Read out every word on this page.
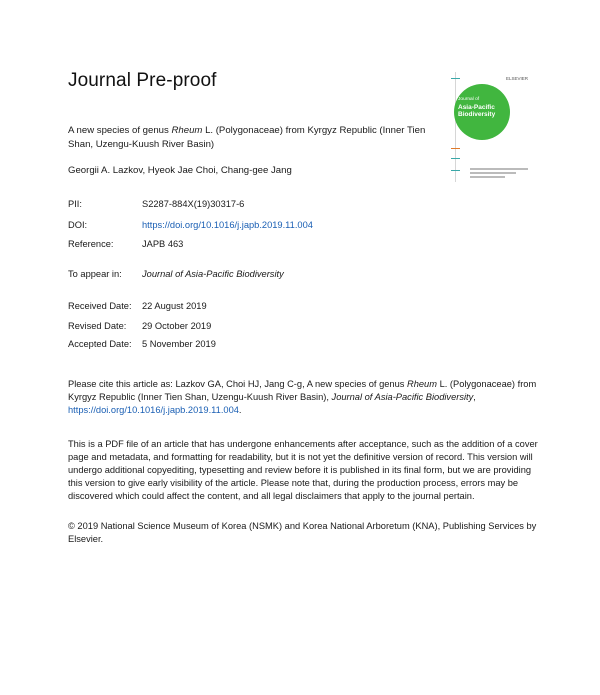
Journal Pre-proof	ELSEVIER
Journal of
Asia-Pacific Biodiversity
A new species of genus Rheum L. (Polygonaceae) from Kyrgyz Republic (Inner Tien Shan, Uzengu-Kuush River Basin)
Georgii A. Lazkov, Hyeok Jae Choi, Chang-gee Jang
PII:	S2287-884X(19)30317-6
DOI:	https://doi.org/10.1016/j.japb.2019.11.004
Reference:	JAPB 463
To appear in: Journal of Asia-Pacific Biodiversity
Received Date: 22 August 2019
Revised Date: 29 October 2019
Accepted Date: 5 November 2019
Please cite this article as: Lazkov GA, Choi HJ, Jang C-g, A new species of genus Rheum L. (Polygonaceae) from Kyrgyz Republic (Inner Tien Shan, Uzengu-Kuush River Basin), Journal of Asia-Pacific Biodiversity, https://doi.org/10.1016/j.japb.2019.11.004.
This is a PDF file of an article that has undergone enhancements after acceptance, such as the addition of a cover page and metadata, and formatting for readability, but it is not yet the definitive version of record. This version will undergo additional copyediting, typesetting and review before it is published in its final form, but we are providing this version to give early visibility of the article. Please note that, during the production process, errors may be discovered which could affect the content, and all legal disclaimers that apply to the journal pertain.
© 2019 National Science Museum of Korea (NSMK) and Korea National Arboretum (KNA), Publishing Services by Elsevier.
